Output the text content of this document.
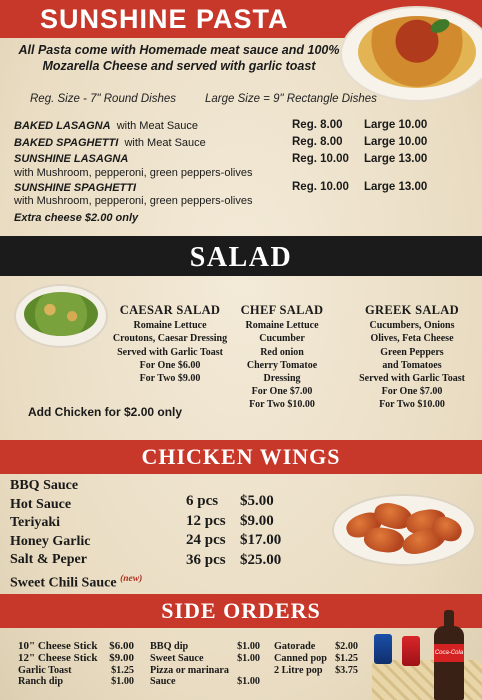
SUNSHINE PASTA
All Pasta come with Homemade meat sauce and 100%
Mozarella Cheese and served with garlic toast
Reg. Size - 7" Round Dishes	Large Size = 9" Rectangle Dishes
BAKED LASAGNA with Meat Sauce	Reg. 8.00 Large 10.00
BAKED SPAGHETTI with Meat Sauce	Reg. 8.00 Large 10.00
SUNSHINE LASAGNA
with Mushroom, pepperoni, green peppers-olives
Reg. 10.00 Large 13.00
SUNSHINE SPAGHETTI
with Mushroom, pepperoni, green peppers-olives
Reg. 10.00 Large 13.00
Extra cheese $2.00 only
SALAD
CAESAR SALAD
Romaine Lettuce
Croutons, Caesar Dressing
Served with Garlic Toast
For One $6.00
For Two $9.00
CHEF SALAD
Romaine Lettuce
Cucumber
Red onion
Cherry Tomatoe
Dressing
For One $7.00
For Two $10.00
GREEK SALAD
Cucumbers, Onions
Olives, Feta Cheese
Green Peppers
and Tomatoes
Served with Garlic Toast
For One $7.00
For Two $10.00
Add Chicken for $2.00 only
CHICKEN WINGS
BBQ Sauce
Hot Sauce
Teriyaki
Honey Garlic
Salt & Peper
Sweet Chili Sauce $^{(new)}$
6 pcs	$5.00
12 pcs $9.00
24 pcs $17.00
36 pcs $25.00
SIDE ORDERS
10" Cheese Stick $6.00
12" Cheese Stick $9.00
Garlic Toast	$1.25
Ranch dip	$1.00
BBQ dip	$1.00
Sweet Sauce	$1.00
Pizza or marinara
Sauce	$1.00
Gatorade $2.00
Canned pop $1.25
2 Litre pop $3.75
Coca-Cola
